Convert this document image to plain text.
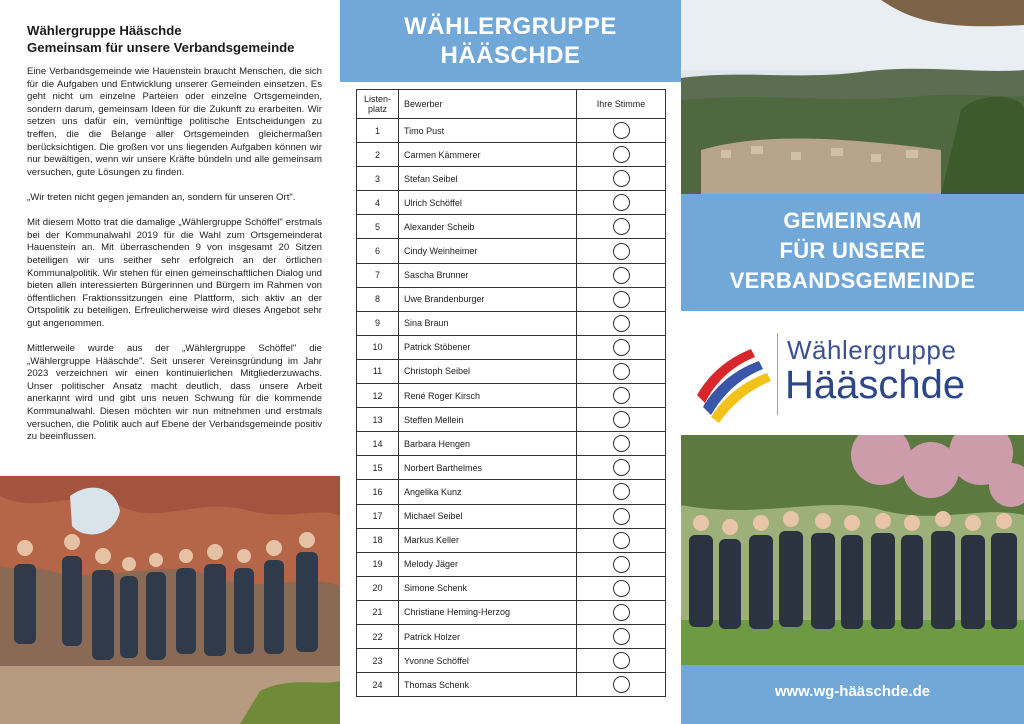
Wählergruppe Hääschde
Gemeinsam für unsere Verbandsgemeinde

Eine Verbandsgemeinde wie Hauenstein braucht Menschen, die sich für die Aufgaben und Entwicklung unserer Gemeinden einsetzen. Es geht nicht um einzelne Parteien oder einzelne Ortsgemeinden, sondern darum, gemeinsam Ideen für die Zukunft zu erarbeiten. Wir setzen uns dafür ein, vernünftige politische Entscheidungen zu treffen, die die Belange aller Ortsgemeinden gleichermaßen berücksichtigen. Die großen vor uns liegenden Aufgaben können wir nur bewältigen, wenn wir unsere Kräfte bündeln und alle gemeinsam versuchen, gute Lösungen zu finden.

„Wir treten nicht gegen jemanden an, sondern für unseren Ort".

Mit diesem Motto trat die damalige „Wählergruppe Schöffel" erstmals bei der Kommunalwahl 2019 für die Wahl zum Ortsgemeinderat Hauenstein an. Mit überraschenden 9 von insgesamt 20 Sitzen beteiligen wir uns seither sehr erfolgreich an der örtlichen Kommunalpolitik. Wir stehen für einen gemeinschaftlichen Dialog und bieten allen interessierten Bürgerinnen und Bürgern im Rahmen von öffentlichen Fraktionssitzungen eine Plattform, sich aktiv an der Ortspolitik zu beteiligen. Erfreulicherweise wird dieses Angebot sehr gut angenommen.

Mittlerweile wurde aus der „Wählergruppe Schöffel" die „Wählergruppe Hääschde". Seit unserer Vereinsgründung im Jahr 2023 verzeichnen wir einen kontinuierlichen Mitgliederzuwachs. Unser politischer Ansatz macht deutlich, dass unsere Arbeit anerkannt wird und gibt uns neuen Schwung für die kommende Kommunalwahl. Diesen möchten wir nun mitnehmen und erstmals versuchen, die Politik auch auf Ebene der Verbandsgemeinde positiv zu beeinflussen.

WÄHLERGRUPPE
HÄÄSCHDE
Listen-
platz	Bewerber	Ihre Stimme
1	Timo Pust	
2	Carmen Kämmerer	
3	Stefan Seibel	
4	Ulrich Schöffel	
5	Alexander Scheib	
6	Cindy Weinheimer	
7	Sascha Brunner	
8	Uwe Brandenburger	
9	Sina Braun	
10	Patrick Stöbener	
11	Christoph Seibel	
12	René Roger Kirsch	
13	Steffen Mellein	
14	Barbara Hengen	
15	Norbert Barthelmes	
16	Angelika Kunz	
17	Michael Seibel	
18	Markus Keller	
19	Melody Jäger	
20	Simone Schenk	
21	Christiane Heming-Herzog	
22	Patrick Holzer	
23	Yvonne Schöffel	
24	Thomas Schenk	
GEMEINSAM
FÜR UNSERE
VERBANDSGEMEINDE
Wählergruppe
Hääschde
www.wg-hääschde.de
